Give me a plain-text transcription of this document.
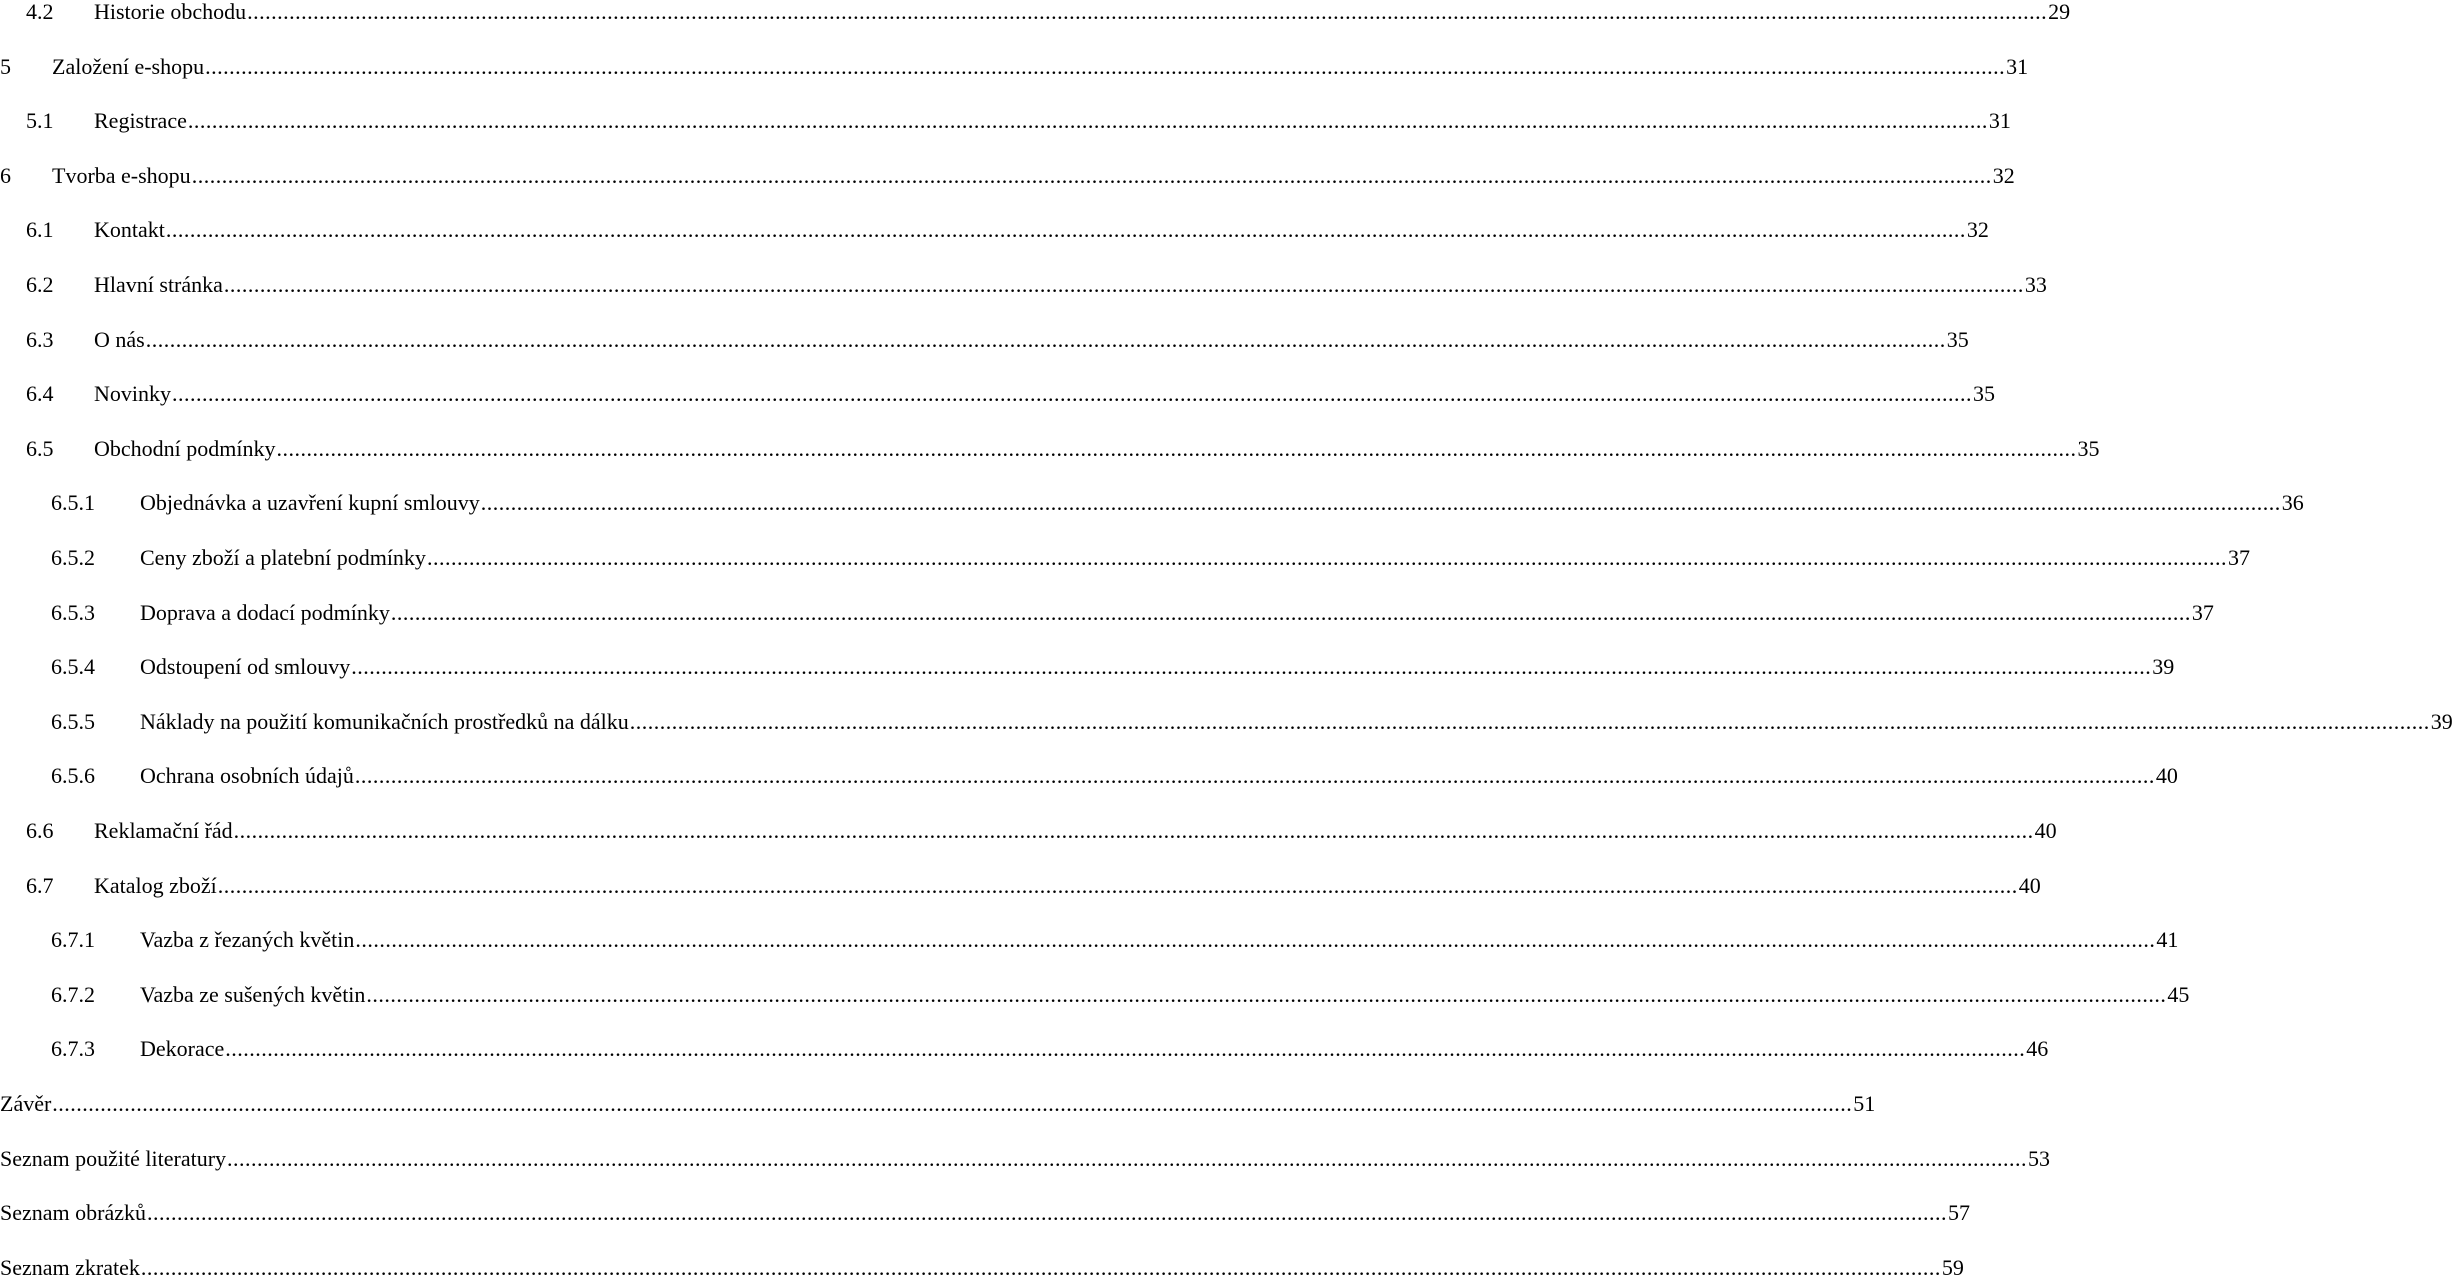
4.2	Historie obchodu ............................................................................................................................................................................................................................................................................................................ 29
5	Založení e-shopu ............................................................................................................................................................................................................................................................................................................ 31
5.1	Registrace ............................................................................................................................................................................................................................................................................................................ 31
6	Tvorba e-shopu ............................................................................................................................................................................................................................................................................................................ 32
6.1	Kontakt ............................................................................................................................................................................................................................................................................................................ 32
6.2	Hlavní stránka ............................................................................................................................................................................................................................................................................................................ 33
6.3	O nás ............................................................................................................................................................................................................................................................................................................ 35
6.4	Novinky ............................................................................................................................................................................................................................................................................................................ 35
6.5	Obchodní podmínky ............................................................................................................................................................................................................................................................................................................ 35
6.5.1	Objednávka a uzavření kupní smlouvy ............................................................................................................................................................................................................................................................................................................ 36
6.5.2	Ceny zboží a platební podmínky ............................................................................................................................................................................................................................................................................................................ 37
6.5.3	Doprava a dodací podmínky ............................................................................................................................................................................................................................................................................................................ 37
6.5.4	Odstoupení od smlouvy ............................................................................................................................................................................................................................................................................................................ 39
6.5.5	Náklady na použití komunikačních prostředků na dálku ............................................................................................................................................................................................................................................................................................................ 39
6.5.6	Ochrana osobních údajů ............................................................................................................................................................................................................................................................................................................ 40
6.6	Reklamační řád ............................................................................................................................................................................................................................................................................................................ 40
6.7	Katalog zboží ............................................................................................................................................................................................................................................................................................................ 40
6.7.1	Vazba z řezaných květin ............................................................................................................................................................................................................................................................................................................ 41
6.7.2	Vazba ze sušených květin ............................................................................................................................................................................................................................................................................................................ 45
6.7.3	Dekorace ............................................................................................................................................................................................................................................................................................................ 46
Závěr ............................................................................................................................................................................................................................................................................................................ 51
Seznam použité literatury ............................................................................................................................................................................................................................................................................................................ 53
Seznam obrázků ............................................................................................................................................................................................................................................................................................................ 57
Seznam zkratek ............................................................................................................................................................................................................................................................................................................ 59
